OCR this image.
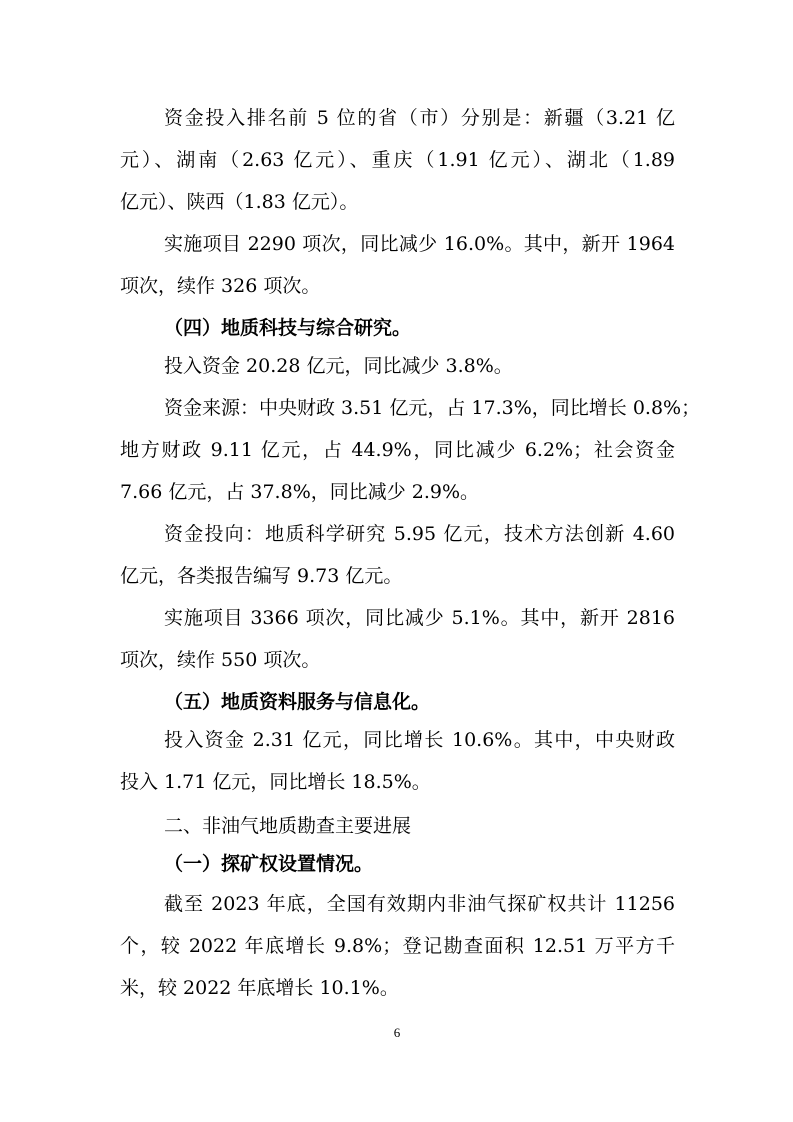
资金投入排名前 5 位的省（市）分别是：新疆（3.21 亿
元）、湖南（2.63 亿元）、重庆（1.91 亿元）、湖北（1.89
亿元）、陕西（1.83 亿元）。
实施项目 2290 项次，同比减少 16.0%。其中，新开 1964
项次，续作 326 项次。
（四）地质科技与综合研究。
投入资金 20.28 亿元，同比减少 3.8%。
资金来源：中央财政 3.51 亿元，占 17.3%，同比增长 0.8%；
地方财政 9.11 亿元，占 44.9%，同比减少 6.2%；社会资金
7.66 亿元，占 37.8%，同比减少 2.9%。
资金投向：地质科学研究 5.95 亿元，技术方法创新 4.60
亿元，各类报告编写 9.73 亿元。
实施项目 3366 项次，同比减少 5.1%。其中，新开 2816
项次，续作 550 项次。
（五）地质资料服务与信息化。
投入资金 2.31 亿元，同比增长 10.6%。其中，中央财政
投入 1.71 亿元，同比增长 18.5%。
二、非油气地质勘查主要进展
（一）探矿权设置情况。
截至 2023 年底，全国有效期内非油气探矿权共计 11256
个，较 2022 年底增长 9.8%；登记勘查面积 12.51 万平方千
米，较 2022 年底增长 10.1%。
6
